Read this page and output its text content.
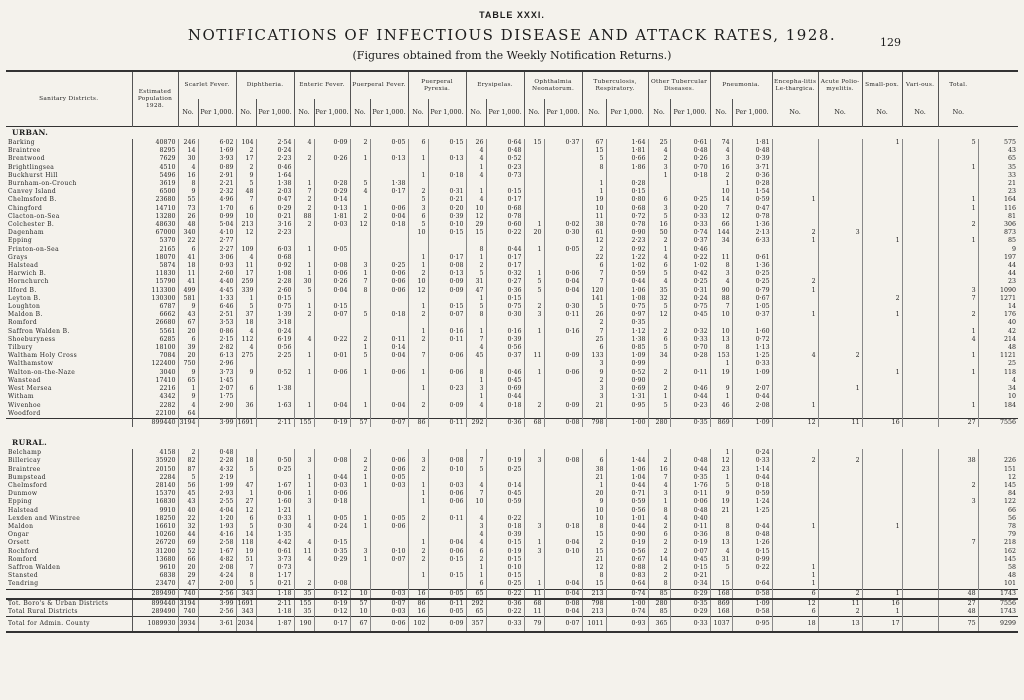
TABLE XXXI.
NOTIFICATIONS OF INFECTIOUS DISEASE AND ATTACK RATES, 1928.	129
(Figures obtained from the Weekly Notification Returns.)
Sanitary Districts.	Estimated Population 1928.	Scarlet Fever.		Diphtheria.		Enteric Fever.		Puerperal Fever.		Puerperal Pyrexia.		Erysipelas.		Ophthalmia Neonatorum.		Tuberculosis, Respiratory.		Other Tubercular Diseases.		Pneumonia.		Encepha-litis Le-thargica.	Acute Polio-myelitis.	Small-pox.	Vari-ous.	Total.	
		No.	Per 1,000.	No.	Per 1,000.	No.	Per 1,000.	No.	Per 1,000.	No.	Per 1,000.	No.	Per 1,000.	No.	Per 1,000.	No.	Per 1,000.	No.	Per 1,000.	No.	Per 1,000.	No.	No.	No.	No.	No.	
URBAN.																											
Barking	40870	246	6·02	104	2·54	4	0·09	2	0·05	6	0·15	26	0·64	15	0·37	67	1·64	25	0·61	74	1·81			1		5	575
Braintree	8295	14	1·69	2	0·24							4	0·48			15	1·81	4	0·48	4	0·48						43
Brentwood	7629	30	3·93	17	2·23	2	0·26	1	0·13	1	0·13	4	0·52			5	0·66	2	0·26	3	0·39						65
Brightlingsea	4510	4	0·89	2	0·46							1	0·23			8	1·86	3	0·70	16	3·71					1	35
Buckhurst Hill	5496	16	2·91	9	1·64					1	0·18	4	0·73					1	0·18	2	0·36						33
Burnham-on-Crouch	3619	8	2·21	5	1·38	1	0·28	5	1·38							1	0·28			1	0·28						21
Canvey Island	6500	9	2·32	48	2·03	7	0·29	4	0·17	2	0·31	1	0·15			1	0·15			10	1·54						23
Chelmsford B.	23680	55	4·96	7	0·47	2	0·14			5	0·21	4	0·17			19	0·80	6	0·25	14	0·59	1				1	164
Chingford	14710	73	1·70	6	0·29	2	0·13	1	0·06	3	0·20	10	0·68			10	0·68	3	0·20	7	0·47					1	116
Clacton-on-Sea	13280	26	0·99	10	0·21	88	1·81	2	0·04	6	0·39	12	0·78			11	0·72	5	0·33	12	0·78						81
Colchester B.	48630	48	5·04	213	3·16	2	0·03	12	0·18	5	0·10	29	0·60	1	0·02	38	0·78	16	0·33	66	1·36					2	306
Dagenham	67000	340	4·10	12	2·23					10	0·15	15	0·22	20	0·30	61	0·90	50	0·74	144	2·13	2	3				873
Epping	5370	22	2·77													12	2·23	2	0·37	34	6·33	1		1		1	85
Frinton-on-Sea	2165	6	2·27	109	6·03	1	0·05					8	0·44	1	0·05	2	0·92	1	0·46								9
Grays	18070	41	3·06	4	0·68					1	0·17	1	0·17			22	1·22	4	0·22	11	0·61						197
Halstead	5874	18	0·93	11	0·92	1	0·08	3	0·25	1	0·08	2	0·17			6	1·02	6	1·02	8	1·36						44
Harwich B.	11830	11	2·60	17	1·08	1	0·06	1	0·06	2	0·13	5	0·32	1	0·06	7	0·59	5	0·42	3	0·25						44
Hornchurch	15790	41	4·40	259	2·28	30	0·26	7	0·06	10	0·09	31	0·27	5	0·04	7	0·44	4	0·25	4	0·25	2					23
Ilford B.	113300	499	4·45	339	2·60	5	0·04	8	0·06	12	0·09	47	0·36	5	0·04	120	1·06	35	0·31	90	0·79	1				3	1090
Leyton B.	130300	581	1·33	1	0·15							1	0·15			141	1·08	32	0·24	88	0·67			2		7	1271
Loughton	6787	9	6·46	5	0·75	1	0·15			1	0·15	5	0·75	2	0·30	5	0·75	5	0·75	7	1·05						14
Maldon B.	6662	43	2·51	37	1·39	2	0·07	5	0·18	2	0·07	8	0·30	3	0·11	26	0·97	12	0·45	10	0·37	1		1		2	176
Romford	26680	67	3·53	18	3·18											2	0·35										40
Saffron Walden B.	5561	20	0·86	4	0·24					1	0·16	1	0·16	1	0·16	7	1·12	2	0·32	10	1·60					1	42
Shoeburyness	6285	6	2·15	112	6·19	4	0·22	2	0·11	2	0·11	7	0·39			25	1·38	6	0·33	13	0·72					4	214
Tilbury	18100	39	2·82	4	0·56			1	0·14			4	0·56			6	0·85	5	0·70	8	1·13						48
Waltham Holy Cross	7084	20	6·13	275	2·25	1	0·01	5	0·04	7	0·06	45	0·37	11	0·09	133	1·09	34	0·28	153	1·25	4	2			1	1121
Walthamstow	122400	750	2·96													3	0·99			1	0·33						25
Walton-on-the-Naze	3040	9	3·73	9	0·52	1	0·06	1	0·06	1	0·06	8	0·46	1	0·06	9	0·52	2	0·11	19	1·09			1		1	118
Wanstead	17410	65	1·45									1	0·45			2	0·90										4
West Mersea	2216	1	2·07	6	1·38					1	0·23	3	0·69			3	0·69	2	0·46	9	2·07		1				34
Witham	4342	9	1·75									1	0·44			3	1·31	1	0·44	1	0·44						10
Wivenhoe	2282	4	2·90	36	1·63	1	0·04	1	0·04	2	0·09	4	0·18	2	0·09	21	0·95	5	0·23	46	2·08	1				1	184
Woodford	22100	64																									
	899440	3194	3·99	1691	2·11	155	0·19	57	0·07	86	0·11	292	0·36	68	0·08	798	1·00	280	0·35	869	1·09	12	11	16		27	7556

RURAL.																											
Belchamp	4158	2	0·48																	1	0·24						
Billericay	35920	82	2·28	18	0·50	3	0·08	2	0·06	3	0·08	7	0·19	3	0·08	6	1·44	2	0·48	12	0·33	2	2			38	226
Braintree	20150	87	4·32	5	0·25			2	0·06	2	0·10	5	0·25			38	1·06	16	0·44	23	1·14						151
Bumpstead	2284	5	2·19			1	0·44	1	0·05							21	1·04	7	0·35	1	0·44						12
Chelmsford	28140	56	1·99	47	1·67	1	0·03	1	0·03	1	0·03	4	0·14			1	0·44	4	1·76	5	0·18					2	145
Dunmow	15370	45	2·93	1	0·06	1	0·06			1	0·06	7	0·45			20	0·71	3	0·11	9	0·59						84
Epping	16830	43	2·55	27	1·60	3	0·18			1	0·06	10	0·59			9	0·59	1	0·06	19	1·24					3	122
Halstead	9910	40	4·04	12	1·21											10	0·56	8	0·48	21	1·25						66
Lexden and Winstree	18250	22	1·20	6	0·33	1	0·05	1	0·05	2	0·11	4	0·22			10	1·01	4	0·40								56
Maldon	16610	32	1·93	5	0·30	4	0·24	1	0·06			3	0·18	3	0·18	8	0·44	2	0·11	8	0·44	1		1			78
Ongar	10260	44	4·16	14	1·35							4	0·39			15	0·90	6	0·36	8	0·48						79
Orsett	26720	69	2·58	118	4·42	4	0·15			1	0·04	4	0·15	1	0·04	2	0·19	2	0·19	13	1·26					7	218
Rochford	31200	52	1·67	19	0·61	11	0·35	3	0·10	2	0·06	6	0·19	3	0·10	15	0·56	2	0·07	4	0·15						162
Romford	13680	66	4·82	51	3·73	4	0·29	1	0·07	2	0·15	2	0·15			21	0·67	14	0·45	31	0·99						145
Saffron Walden	9610	20	2·08	7	0·73							1	0·10			12	0·88	2	0·15	5	0·22	1					58
Stansted	6838	29	4·24	8	1·17					1	0·15	1	0·15			8	0·83	2	0·21			1					48
Tendring	23470	47	2·00	5	0·21	2	0·08					6	0·25	1	0·04	15	0·64	8	0·34	15	0·64	1					101
	289490	740	2·56	343	1·18	35	0·12	10	0·03	16	0·05	65	0·22	11	0·04	213	0·74	85	0·29	168	0·58	6	2	1		48	1743
Tot. Boro's & Urban Districts	899440	3194	3·99	1691	2·11	155	0·19	57	0·07	86	0·11	292	0·36	68	0·08	798	1·00	280	0·35	869	1·09	12	11	16		27	7556
Total Rural Districts	289490	740	2·56	343	1·18	35	0·12	10	0·03	16	0·05	65	0·22	11	0·04	213	0·74	85	0·29	168	0·58	6	2	1		48	1743
Total for Admin. County	1089930	3934	3·61	2034	1·87	190	0·17	67	0·06	102	0·09	357	0·33	79	0·07	1011	0·93	365	0·33	1037	0·95	18	13	17		75	9299
